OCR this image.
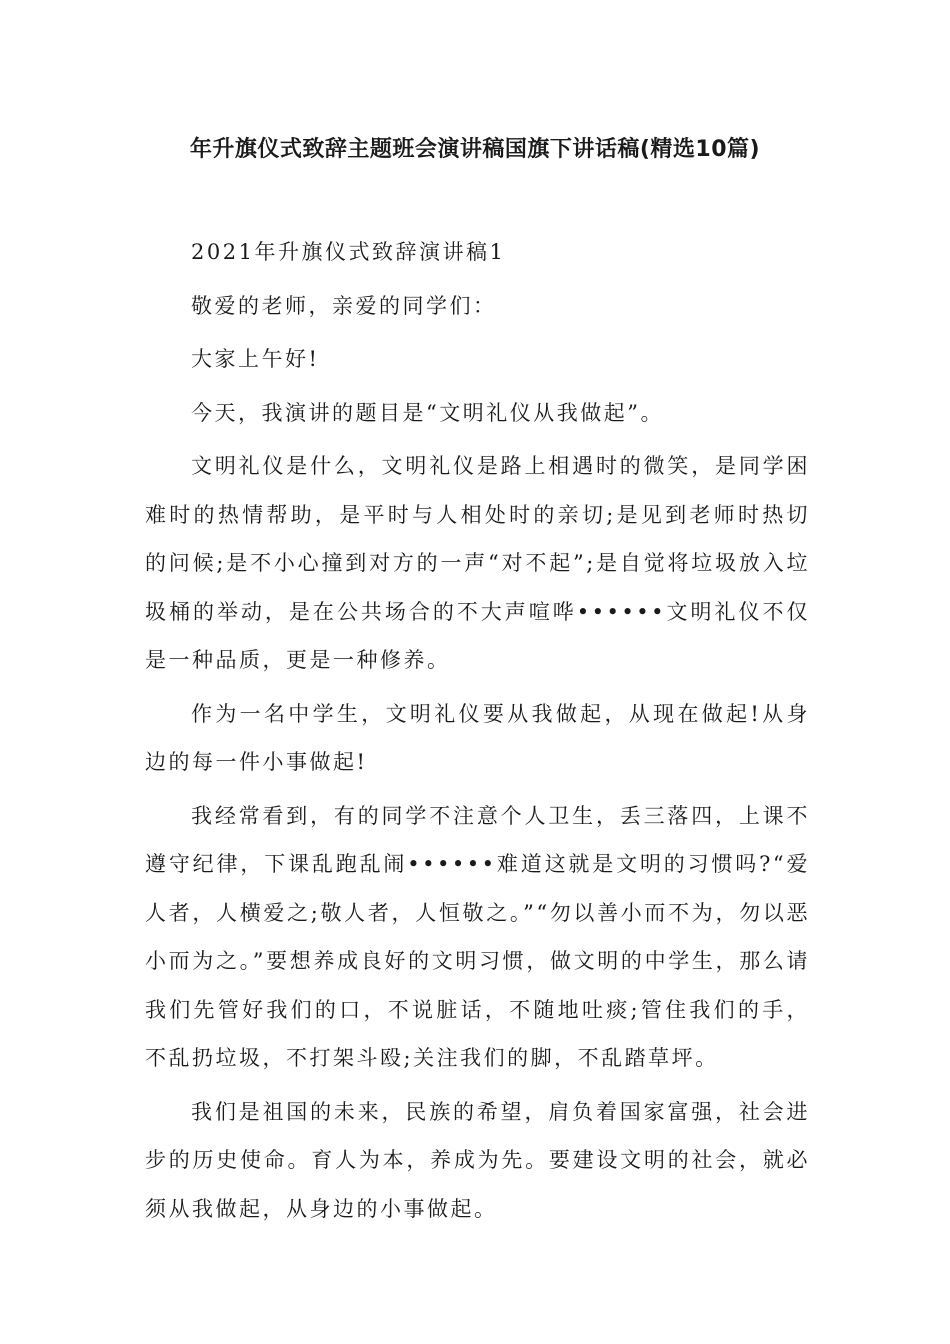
年升旗仪式致辞主题班会演讲稿国旗下讲话稿(精选10篇)

2021年升旗仪式致辞演讲稿1

敬爱的老师，亲爱的同学们：

大家上午好!

今天，我演讲的题目是“文明礼仪从我做起”。

文明礼仪是什么，文明礼仪是路上相遇时的微笑，是同学困难时的热情帮助，是平时与人相处时的亲切;是见到老师时热切的问候;是不小心撞到对方的一声“对不起”;是自觉将垃圾放入垃圾桶的举动，是在公共场合的不大声喧哗••••••文明礼仪不仅是一种品质，更是一种修养。

作为一名中学生，文明礼仪要从我做起，从现在做起!从身边的每一件小事做起!

我经常看到，有的同学不注意个人卫生，丢三落四，上课不遵守纪律，下课乱跑乱闹••••••难道这就是文明的习惯吗?“爱人者，人横爱之;敬人者，人恒敬之。”“勿以善小而不为，勿以恶小而为之。”要想养成良好的文明习惯，做文明的中学生，那么请我们先管好我们的口，不说脏话，不随地吐痰;管住我们的手，不乱扔垃圾，不打架斗殴;关注我们的脚，不乱踏草坪。

我们是祖国的未来，民族的希望，肩负着国家富强，社会进步的历史使命。育人为本，养成为先。要建设文明的社会，就必须从我做起，从身边的小事做起。
